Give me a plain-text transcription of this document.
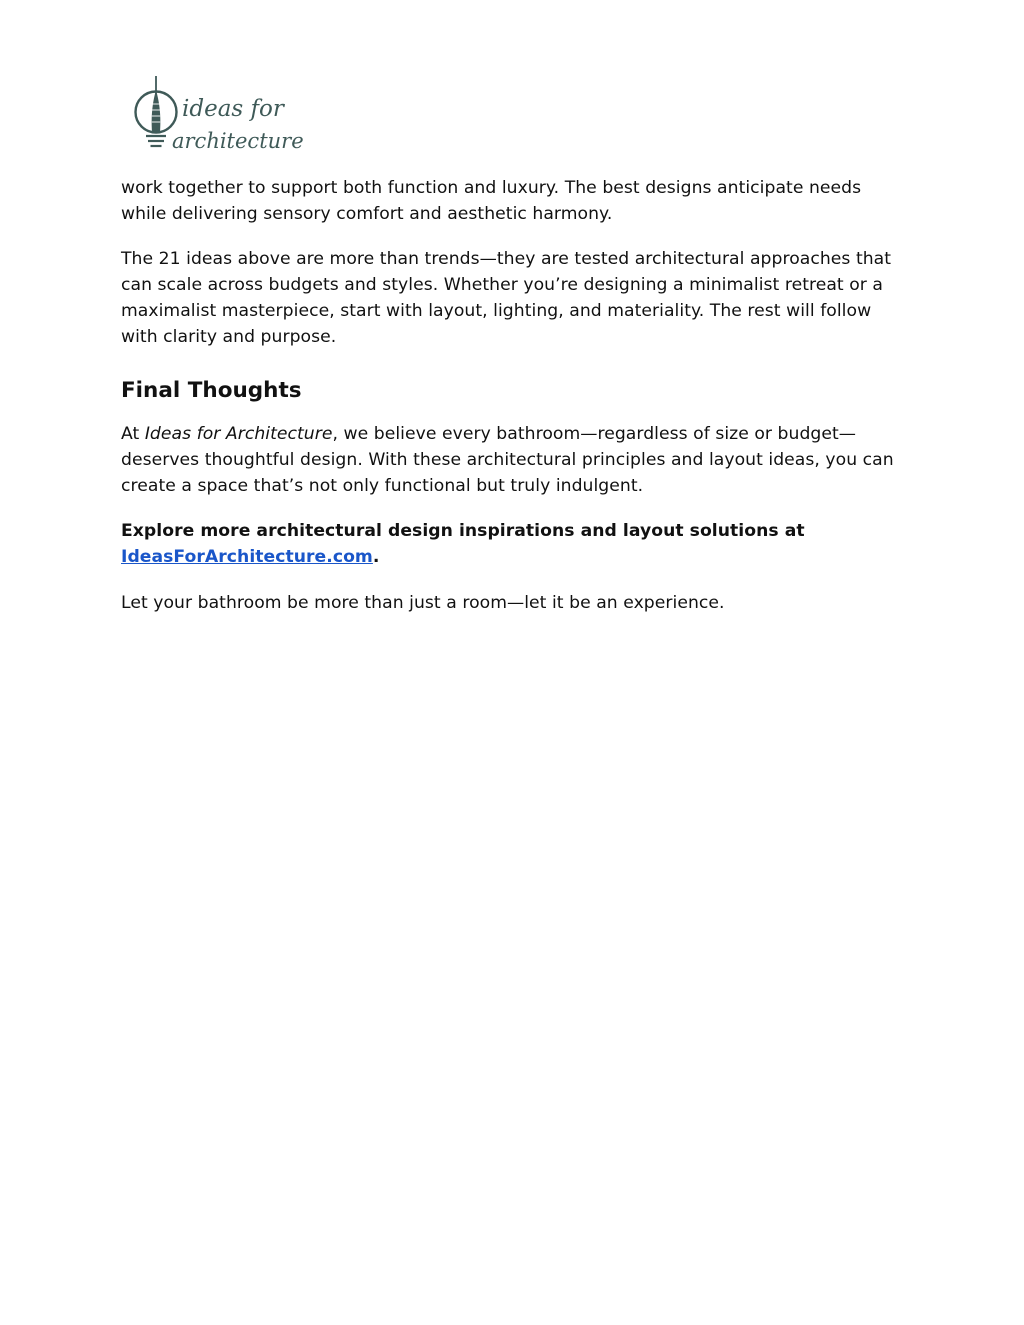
ideas for
architecture

work together to support both function and luxury. The best designs anticipate needs while delivering sensory comfort and aesthetic harmony.

The 21 ideas above are more than trends—they are tested architectural approaches that can scale across budgets and styles. Whether you’re designing a minimalist retreat or a maximalist masterpiece, start with layout, lighting, and materiality. The rest will follow with clarity and purpose.

Final Thoughts

At Ideas for Architecture, we believe every bathroom—regardless of size or budget—deserves thoughtful design. With these architectural principles and layout ideas, you can create a space that’s not only functional but truly indulgent.

Explore more architectural design inspirations and layout solutions at IdeasForArchitecture.com.

Let your bathroom be more than just a room—let it be an experience.
